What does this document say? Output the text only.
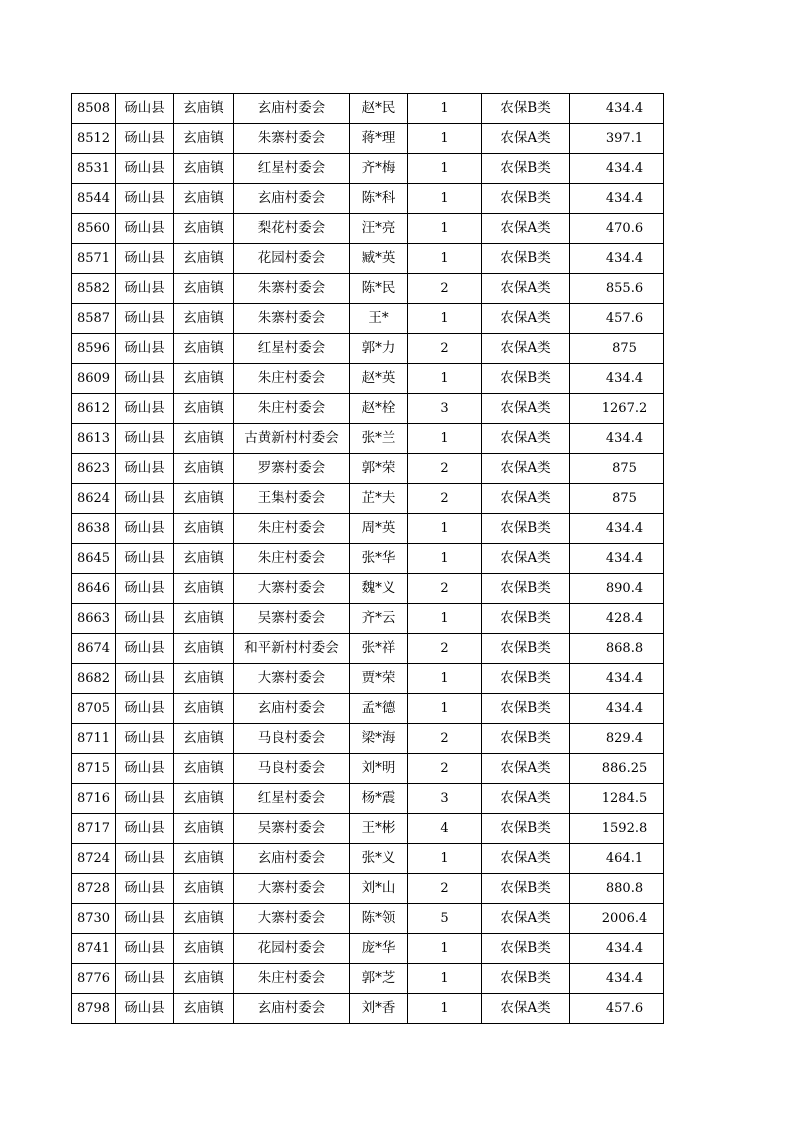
8508	砀山县	玄庙镇	玄庙村委会	赵*民	1	农保B类	434.4
8512	砀山县	玄庙镇	朱寨村委会	蒋*理	1	农保A类	397.1
8531	砀山县	玄庙镇	红星村委会	齐*梅	1	农保B类	434.4
8544	砀山县	玄庙镇	玄庙村委会	陈*科	1	农保B类	434.4
8560	砀山县	玄庙镇	梨花村委会	汪*亮	1	农保A类	470.6
8571	砀山县	玄庙镇	花园村委会	臧*英	1	农保B类	434.4
8582	砀山县	玄庙镇	朱寨村委会	陈*民	2	农保A类	855.6
8587	砀山县	玄庙镇	朱寨村委会	王*	1	农保A类	457.6
8596	砀山县	玄庙镇	红星村委会	郭*力	2	农保A类	875
8609	砀山县	玄庙镇	朱庄村委会	赵*英	1	农保B类	434.4
8612	砀山县	玄庙镇	朱庄村委会	赵*栓	3	农保A类	1267.2
8613	砀山县	玄庙镇	古黄新村村委会	张*兰	1	农保A类	434.4
8623	砀山县	玄庙镇	罗寨村委会	郭*荣	2	农保A类	875
8624	砀山县	玄庙镇	王集村委会	芷*夫	2	农保A类	875
8638	砀山县	玄庙镇	朱庄村委会	周*英	1	农保B类	434.4
8645	砀山县	玄庙镇	朱庄村委会	张*华	1	农保A类	434.4
8646	砀山县	玄庙镇	大寨村委会	魏*义	2	农保B类	890.4
8663	砀山县	玄庙镇	吴寨村委会	齐*云	1	农保B类	428.4
8674	砀山县	玄庙镇	和平新村村委会	张*祥	2	农保B类	868.8
8682	砀山县	玄庙镇	大寨村委会	贾*荣	1	农保B类	434.4
8705	砀山县	玄庙镇	玄庙村委会	孟*德	1	农保B类	434.4
8711	砀山县	玄庙镇	马良村委会	梁*海	2	农保B类	829.4
8715	砀山县	玄庙镇	马良村委会	刘*明	2	农保A类	886.25
8716	砀山县	玄庙镇	红星村委会	杨*震	3	农保A类	1284.5
8717	砀山县	玄庙镇	吴寨村委会	王*彬	4	农保B类	1592.8
8724	砀山县	玄庙镇	玄庙村委会	张*义	1	农保A类	464.1
8728	砀山县	玄庙镇	大寨村委会	刘*山	2	农保B类	880.8
8730	砀山县	玄庙镇	大寨村委会	陈*领	5	农保A类	2006.4
8741	砀山县	玄庙镇	花园村委会	庞*华	1	农保B类	434.4
8776	砀山县	玄庙镇	朱庄村委会	郭*芝	1	农保B类	434.4
8798	砀山县	玄庙镇	玄庙村委会	刘*香	1	农保A类	457.6
